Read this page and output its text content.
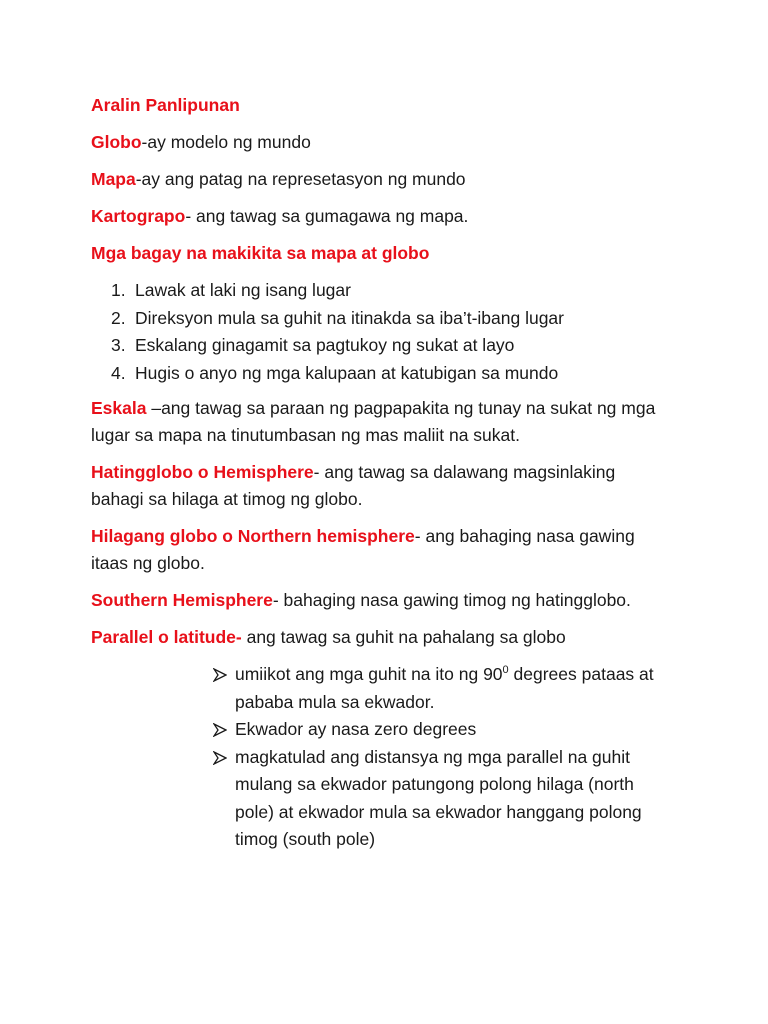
Aralin Panlipunan

Globo-ay modelo ng mundo

Mapa-ay ang patag na represetasyon ng mundo

Kartograpo- ang tawag sa gumagawa ng mapa.

Mga bagay na makikita sa mapa at globo

1. Lawak at laki ng isang lugar
2. Direksyon mula sa guhit na itinakda sa iba’t-ibang lugar
3. Eskalang ginagamit sa pagtukoy ng sukat at layo
4. Hugis o anyo ng mga kalupaan at katubigan sa mundo

Eskala –ang tawag sa paraan ng pagpapakita ng tunay na sukat ng mga
lugar sa mapa na tinutumbasan ng mas maliit na sukat.

Hatingglobo o Hemisphere- ang tawag sa dalawang magsinlaking
bahagi sa hilaga at timog ng globo.

Hilagang globo o Northern hemisphere- ang bahaging nasa gawing
itaas ng globo.

Southern Hemisphere- bahaging nasa gawing timog ng hatingglobo.

Parallel o latitude- ang tawag sa guhit na pahalang sa globo

umiikot ang mga guhit na ito ng $90^0$ degrees pataas at
pababa mula sa ekwador.
Ekwador ay nasa zero degrees
magkatulad ang distansya ng mga parallel na guhit
mulang sa ekwador patungong polong hilaga (north
pole) at ekwador mula sa ekwador hanggang polong
timog (south pole)
